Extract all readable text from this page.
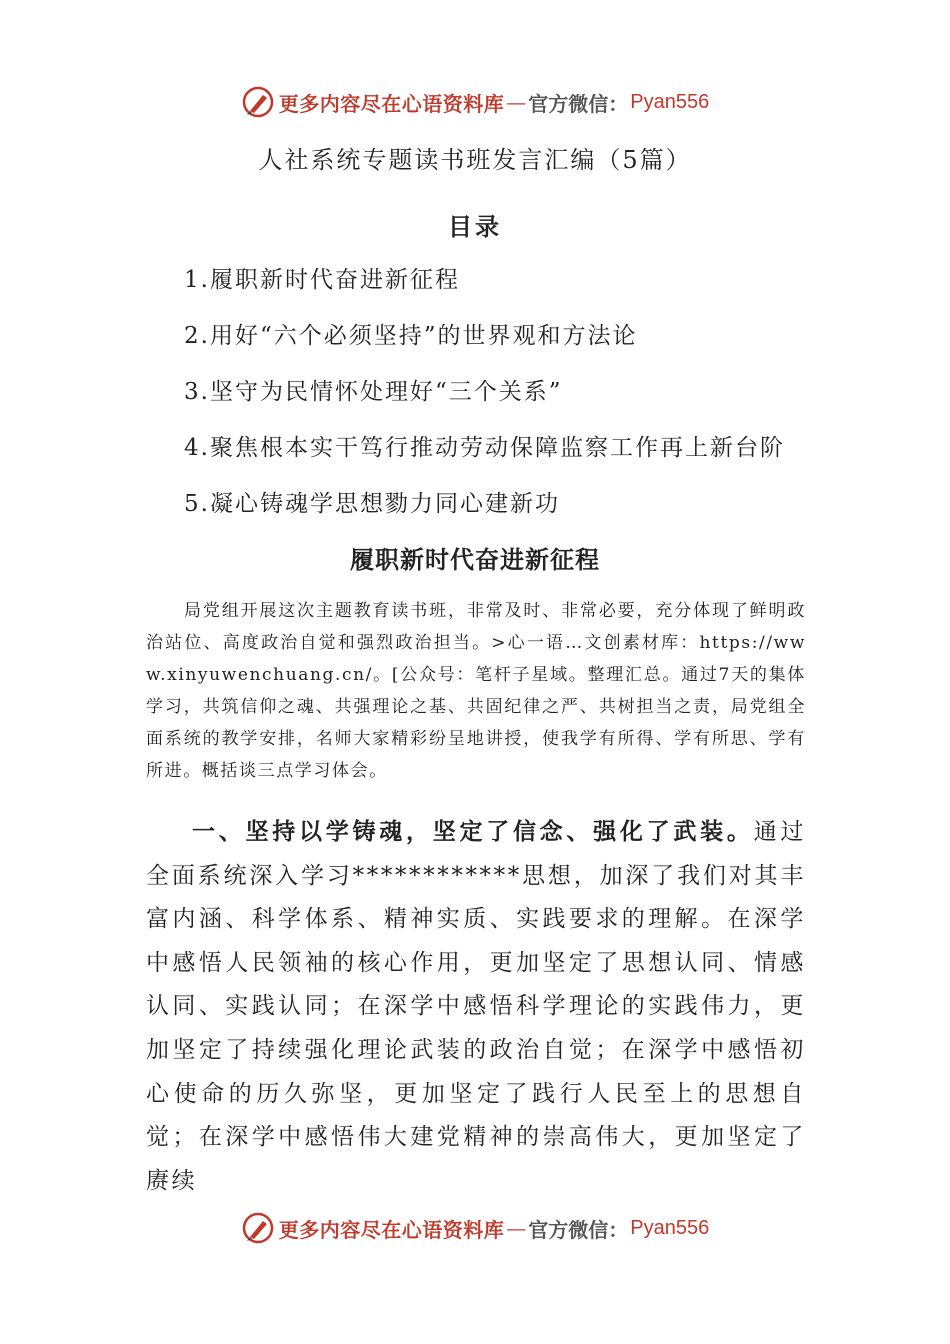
更多内容尽在心语资料库 — 官方微信： Pyan556
人社系统专题读书班发言汇编（5篇）
目录
1.履职新时代奋进新征程
2.用好“六个必须坚持”的世界观和方法论
3.坚守为民情怀处理好“三个关系”
4.聚焦根本实干笃行推动劳动保障监察工作再上新台阶
5.凝心铸魂学思想勠力同心建新功
履职新时代奋进新征程

局党组开展这次主题教育读书班，非常及时、非常必要，充分体现了鲜明政治站位、高度政治自觉和强烈政治担当。>心一语…文创素材库：https://www.xinyuwenchuang.cn/。[公众号：笔杆子星域。整理汇总。通过7天的集体学习，共筑信仰之魂、共强理论之基、共固纪律之严、共树担当之责，局党组全面系统的教学安排，名师大家精彩纷呈地讲授，使我学有所得、学有所思、学有所进。概括谈三点学习体会。

一、坚持以学铸魂，坚定了信念、强化了武装。通过全面系统深入学习************思想，加深了我们对其丰富内涵、科学体系、精神实质、实践要求的理解。在深学中感悟人民领袖的核心作用，更加坚定了思想认同、情感认同、实践认同；在深学中感悟科学理论的实践伟力，更加坚定了持续强化理论武装的政治自觉；在深学中感悟初心使命的历久弥坚，更加坚定了践行人民至上的思想自觉；在深学中感悟伟大建党精神的崇高伟大，更加坚定了赓续

更多内容尽在心语资料库 — 官方微信： Pyan556
